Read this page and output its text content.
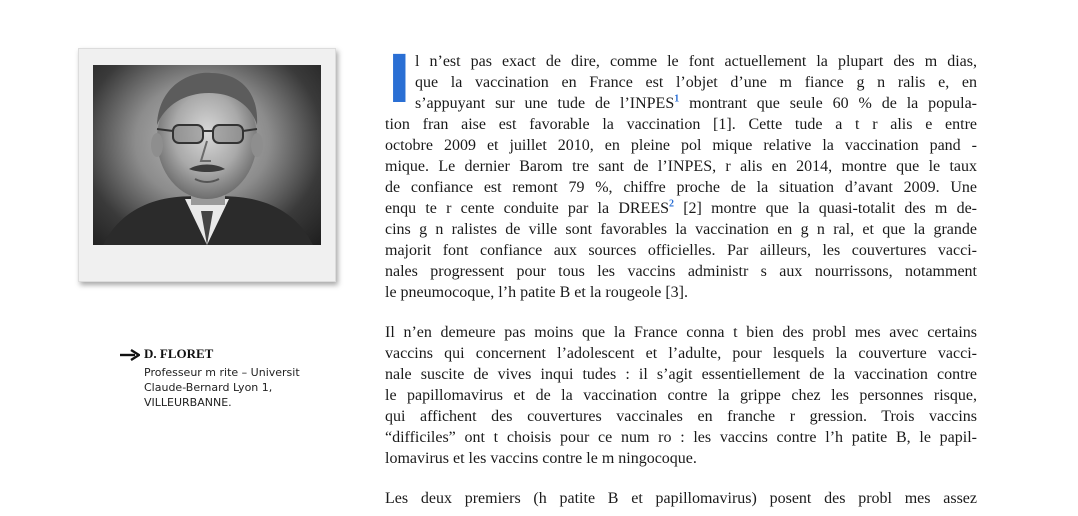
D. FLORET
Professeur m rite – Universit
Claude-Bernard Lyon 1,
VILLEURBANNE.
I l n’est pas exact de dire, comme le font actuellement la plupart des m dias,
que la vaccination en France est l’objet d’une m fiance g n ralis e, en
s’appuyant sur une tude de l’INPES$^1$ montrant que seule 60 % de la popula-
tion fran aise est favorable la vaccination [1]. Cette tude a t r alis e entre
octobre 2009 et juillet 2010, en pleine pol mique relative la vaccination pand -
mique. Le dernier Barom tre sant de l’INPES, r alis en 2014, montre que le taux
de confiance est remont 79 %, chiffre proche de la situation d’avant 2009. Une
enqu te r cente conduite par la DREES$^2$ [2] montre que la quasi-totalit des m de-
cins g n ralistes de ville sont favorables la vaccination en g n ral, et que la grande
majorit font confiance aux sources officielles. Par ailleurs, les couvertures vacci-
nales progressent pour tous les vaccins administr s aux nourrissons, notamment
le pneumocoque, l’h patite B et la rougeole [3].
Il n’en demeure pas moins que la France conna t bien des probl mes avec certains
vaccins qui concernent l’adolescent et l’adulte, pour lesquels la couverture vacci-
nale suscite de vives inqui tudes : il s’agit essentiellement de la vaccination contre
le papillomavirus et de la vaccination contre la grippe chez les personnes risque,
qui affichent des couvertures vaccinales en franche r gression. Trois vaccins
“difficiles” ont t choisis pour ce num ro : les vaccins contre l’h patite B, le papil-
lomavirus et les vaccins contre le m ningocoque.
Les deux premiers (h patite B et papillomavirus) posent des probl mes assez
